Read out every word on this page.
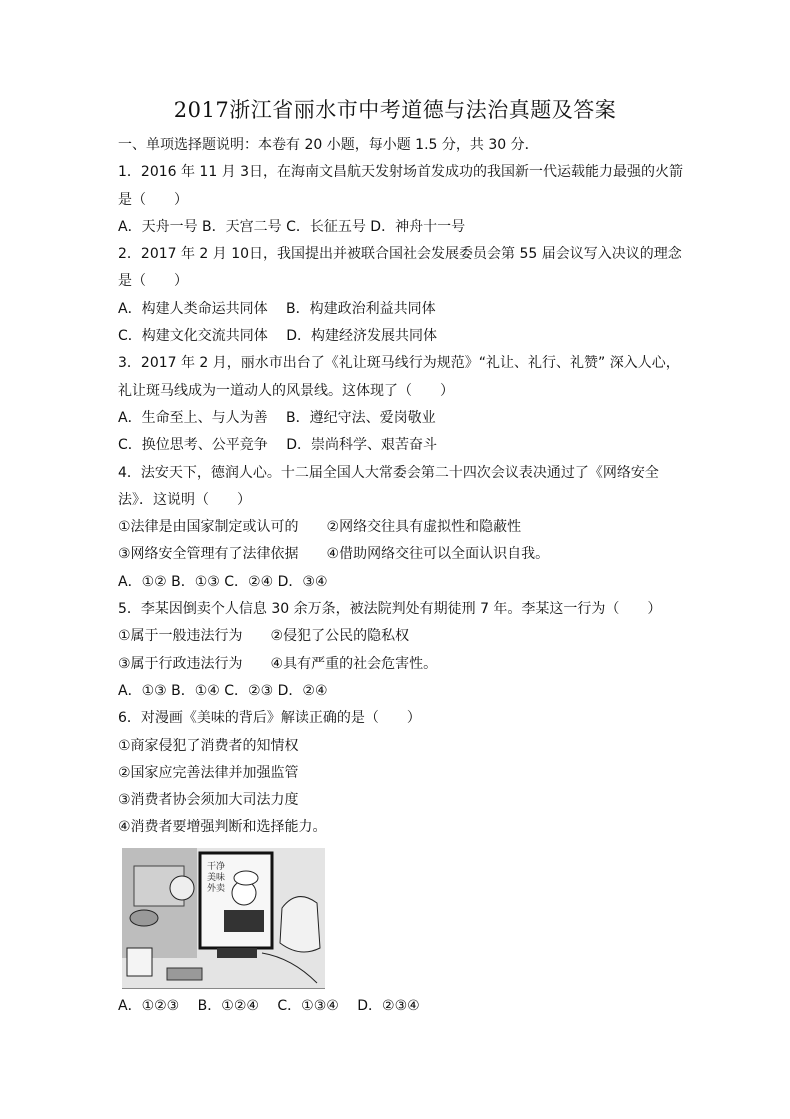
2017浙江省丽水市中考道德与法治真题及答案
一、单项选择题说明：本卷有 20 小题，每小题 1.5 分，共 30 分．
1．2016 年 11 月 3日，在海南文昌航天发射场首发成功的我国新一代运载能力最强的火箭
是（　　）
A．天舟一号 B．天宫二号 C．长征五号 D．神舟十一号
2．2017 年 2 月 10日，我国提出并被联合国社会发展委员会第 55 届会议写入决议的理念
是（　　）
A．构建人类命运共同体　 B．构建政治利益共同体
C．构建文化交流共同体　 D．构建经济发展共同体
3．2017 年 2 月，丽水市出台了《礼让斑马线行为规范》“礼让、礼行、礼赞” 深入人心，
礼让斑马线成为一道动人的风景线。这体现了（　　）
A．生命至上、与人为善　 B．遵纪守法、爱岗敬业
C．换位思考、公平竞争　 D．崇尚科学、艰苦奋斗
4．法安天下，德润人心。十二届全国人大常委会第二十四次会议表决通过了《网络安全
法》．这说明（　　）
①法律是由国家制定或认可的　　②网络交往具有虚拟性和隐蔽性
③网络安全管理有了法律依据　　④借助网络交往可以全面认识自我。
A．①② B．①③ C．②④ D．③④
5．李某因倒卖个人信息 30 余万条，被法院判处有期徒刑 7 年。李某这一行为（　　）
①属于一般违法行为　　②侵犯了公民的隐私权
③属于行政违法行为　　④具有严重的社会危害性。
A．①③ B．①④ C．②③ D．②④
6．对漫画《美味的背后》解读正确的是（　　）
①商家侵犯了消费者的知情权
②国家应完善法律并加强监管
③消费者协会须加大司法力度
④消费者要增强判断和选择能力。
干净美味外卖
A．①②③　 B．①②④　 C．①③④　 D．②③④
